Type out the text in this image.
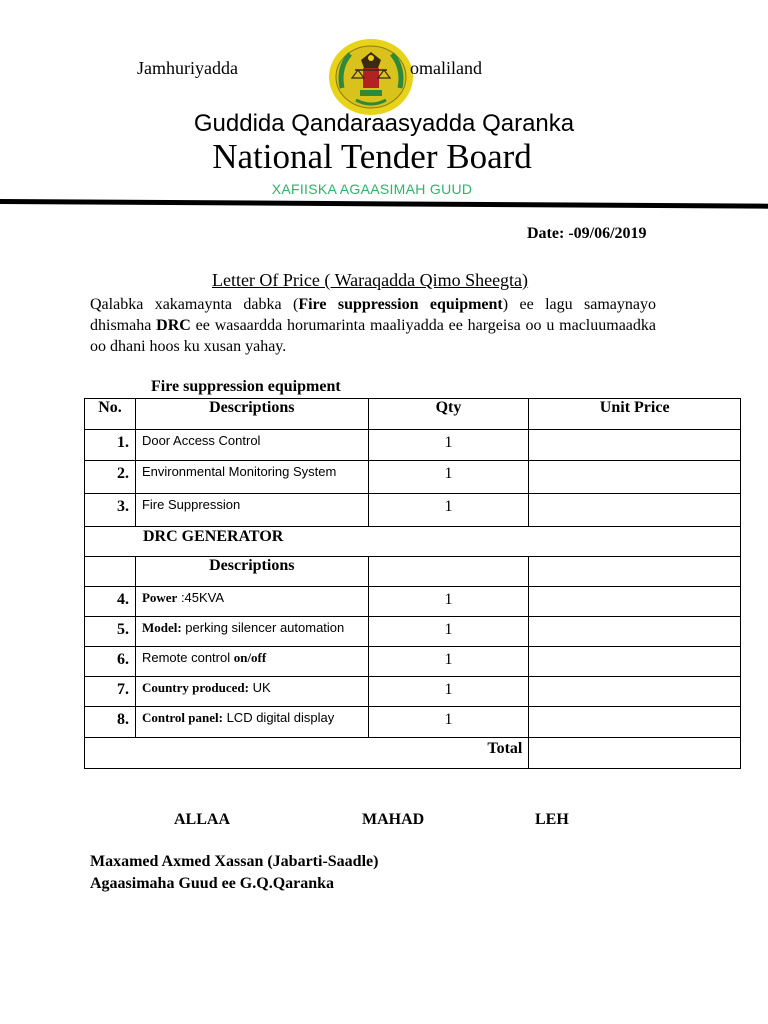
Jamhuriyadda	omaliland
Guddida Qandaraasyadda Qaranka
National Tender Board
XAFIISKA AGAASIMAH GUUD
Date: -09/06/2019
Letter Of Price ( Waraqadda Qimo Sheegta)
Qalabka xakamaynta dabka (Fire suppression equipment) ee lagu samaynayo dhismaha DRC ee wasaardda horumarinta maaliyadda ee hargeisa oo u macluumaadka oo dhani hoos ku xusan yahay.
Fire suppression equipment
No.	Descriptions	Qty	Unit Price
1.	Door Access Control	1	
2.	Environmental Monitoring System	1	
3.	Fire Suppression	1	
DRC GENERATOR			
	Descriptions		
4.	Power :45KVA	1	
5.	Model: perking silencer automation	1	
6.	Remote control on/off	1	
7.	Country produced: UK	1	
8.	Control panel: LCD digital display	1	
Total			
ALLAA	MAHAD	LEH
Maxamed Axmed Xassan (Jabarti-Saadle)
Agaasimaha Guud ee G.Q.Qaranka
